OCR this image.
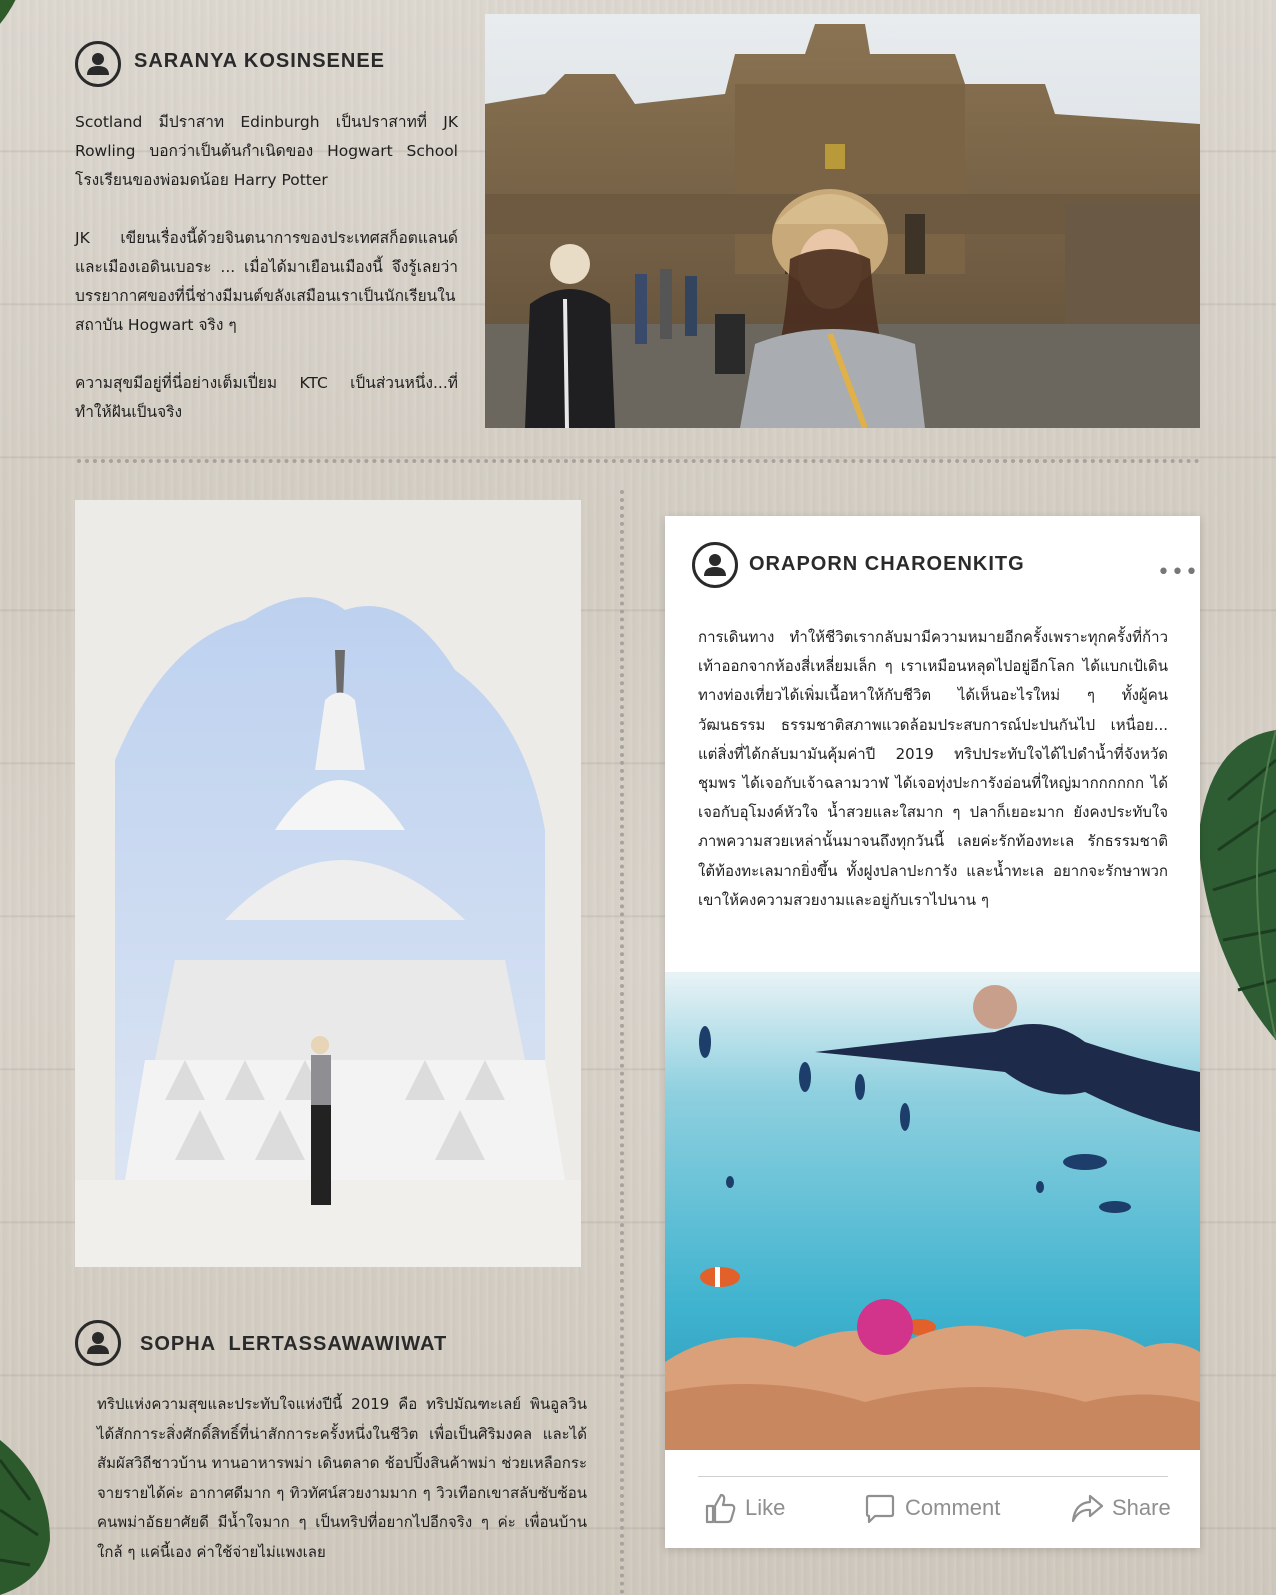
SARANYA KOSINSENEE

Scotland มีปราสาท Edinburgh เป็นปราสาทที่ JK Rowling บอกว่าเป็นต้นกำเนิดของ Hogwart School โรงเรียนของพ่อมดน้อย Harry Potter

JK เขียนเรื่องนี้ด้วยจินตนาการของประเทศสก็อตแลนด์ และเมืองเอดินเบอระ ... เมื่อได้มาเยือนเมืองนี้ จึงรู้เลยว่าบรรยากาศของที่นี่ช่างมีมนต์ขลังเสมือนเราเป็นนักเรียนในสถาบัน Hogwart จริง ๆ

ความสุขมีอยู่ที่นี่อย่างเต็มเปี่ยม KTC เป็นส่วนหนึ่ง...ที่ทำให้ฝันเป็นจริง

SOPHA  LERTASSAWAWIWAT

ทริปแห่งความสุขและประทับใจแห่งปีนี้ 2019 คือ ทริปมัณฑะเลย์ พินอูลวิน ได้สักการะสิ่งศักดิ์สิทธิ์ที่น่าสักการะครั้งหนึ่งในชีวิต เพื่อเป็นศิริมงคล และได้สัมผัสวิถีชาวบ้าน ทานอาหารพม่า เดินตลาด ช้อปปิ้งสินค้าพม่า ช่วยเหลือกระจายรายได้ค่ะ อากาศดีมาก ๆ ทิวทัศน์สวยงามมาก ๆ วิวเทือกเขาสลับซับซ้อน คนพม่าอัธยาศัยดี มีน้ำใจมาก ๆ เป็นทริปที่อยากไปอีกจริง ๆ ค่ะ เพื่อนบ้านใกล้ ๆ แค่นี้เอง ค่าใช้จ่ายไม่แพงเลย

ORAPORN CHAROENKITG	•••

การเดินทาง ทำให้ชีวิตเรากลับมามีความหมายอีกครั้งเพราะทุกครั้งที่ก้าวเท้าออกจากห้องสี่เหลี่ยมเล็ก ๆ เราเหมือนหลุดไปอยู่อีกโลก ได้แบกเป้เดินทางท่องเที่ยวได้เพิ่มเนื้อหาให้กับชีวิต ได้เห็นอะไรใหม่ ๆ ทั้งผู้คน วัฒนธรรม ธรรมชาติสภาพแวดล้อมประสบการณ์ปะปนกันไป เหนื่อย... แต่สิ่งที่ได้กลับมามันคุ้มค่าปี 2019 ทริปประทับใจได้ไปดำน้ำที่จังหวัดชุมพร ได้เจอกับเจ้าฉลามวาฬ ได้เจอทุ่งปะการังอ่อนที่ใหญ่มากกกกกก ได้เจอกับอุโมงค์หัวใจ น้ำสวยและใสมาก ๆ ปลาก็เยอะมาก ยังคงประทับใจภาพความสวยเหล่านั้นมาจนถึงทุกวันนี้ เลยค่ะรักท้องทะเล รักธรรมชาติใต้ท้องทะเลมากยิ่งขึ้น ทั้งฝูงปลาปะการัง และน้ำทะเล อยากจะรักษาพวกเขาให้คงความสวยงามและอยู่กับเราไปนาน ๆ

Like	Comment	Share
